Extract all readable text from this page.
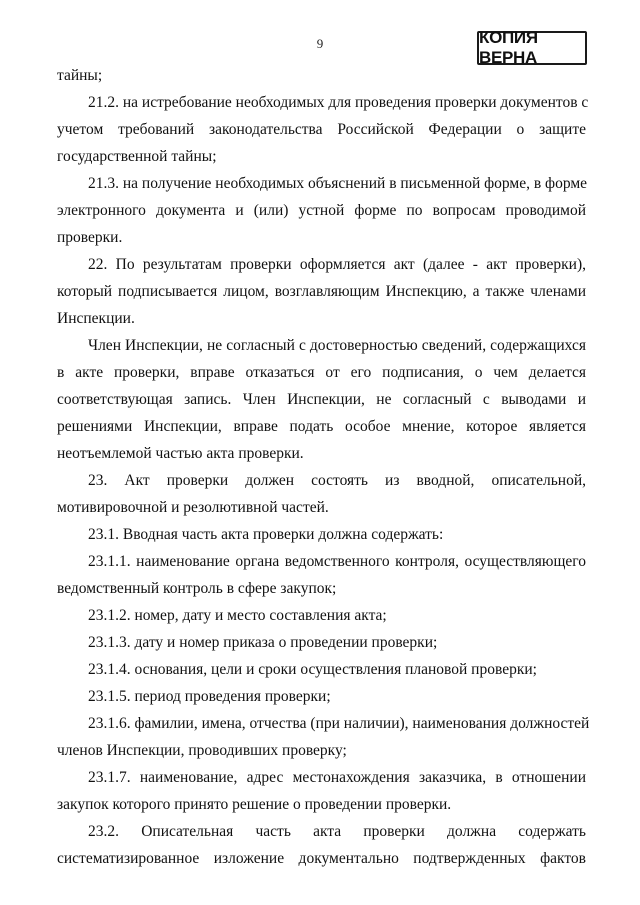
9	КОПИЯ ВЕРНА
тайны;
21.2. на истребование необходимых для проведения проверки документов с
учетом требований законодательства Российской Федерации о защите
государственной тайны;
21.3. на получение необходимых объяснений в письменной форме, в форме
электронного документа и (или) устной форме по вопросам проводимой
проверки.
22. По результатам проверки оформляется акт (далее - акт проверки),
который подписывается лицом, возглавляющим Инспекцию, а также членами
Инспекции.
Член Инспекции, не согласный с достоверностью сведений, содержащихся
в акте проверки, вправе отказаться от его подписания, о чем делается
соответствующая запись. Член Инспекции, не согласный с выводами и
решениями Инспекции, вправе подать особое мнение, которое является
неотъемлемой частью акта проверки.
23. Акт проверки должен состоять из вводной, описательной,
мотивировочной и резолютивной частей.
23.1. Вводная часть акта проверки должна содержать:
23.1.1. наименование органа ведомственного контроля, осуществляющего
ведомственный контроль в сфере закупок;
23.1.2. номер, дату и место составления акта;
23.1.3. дату и номер приказа о проведении проверки;
23.1.4. основания, цели и сроки осуществления плановой проверки;
23.1.5. период проведения проверки;
23.1.6. фамилии, имена, отчества (при наличии), наименования должностей
членов Инспекции, проводивших проверку;
23.1.7. наименование, адрес местонахождения заказчика, в отношении
закупок которого принято решение о проведении проверки.
23.2. Описательная часть акта проверки должна содержать
систематизированное изложение документально подтвержденных фактов
